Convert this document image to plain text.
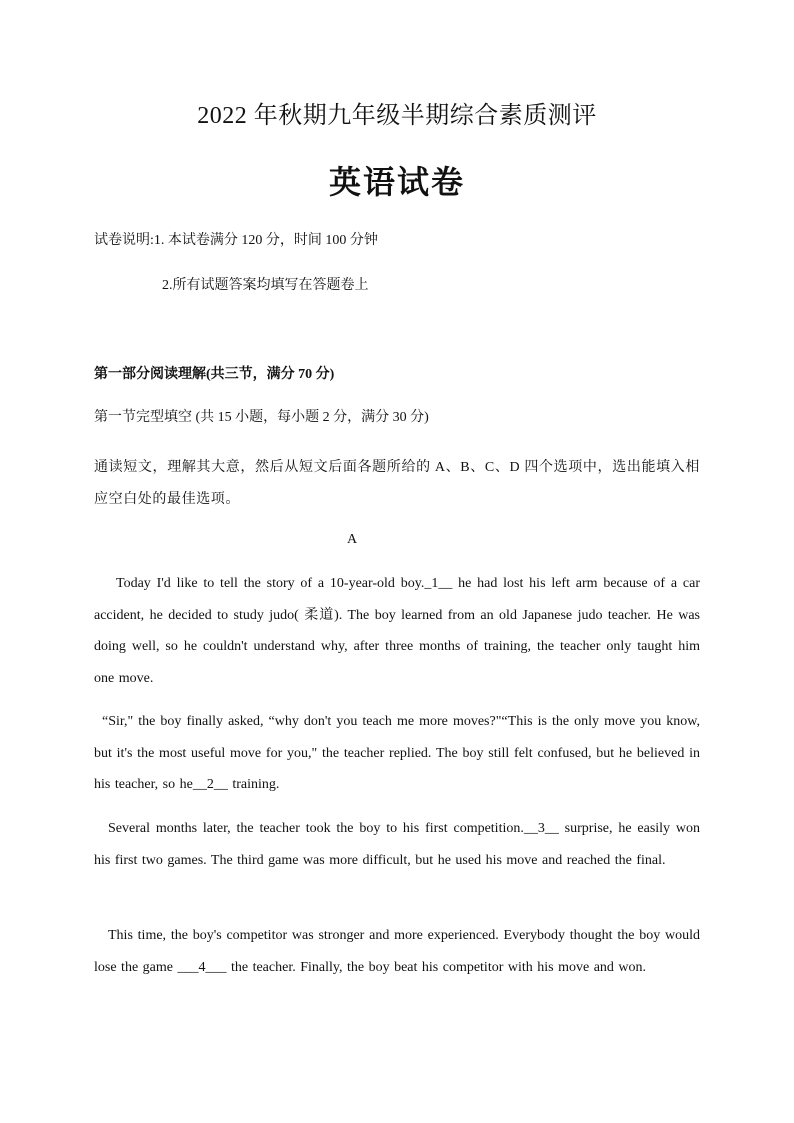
2022 年秋期九年级半期综合素质测评
英语试卷
试卷说明:1. 本试卷满分 120 分，时间 100 分钟
2.所有试题答案均填写在答题卷上
第一部分阅读理解(共三节，满分 70 分)
第一节完型填空 (共 15 小题，每小题 2 分，满分 30 分)
通读短文，理解其大意，然后从短文后面各题所给的 A、B、C、D 四个选项中，选出能填入相应空白处的最佳选项。
A

Today I'd like to tell the story of a 10-year-old boy._1__ he had lost his left arm because of a car accident, he decided to study judo( 柔道). The boy learned from an old Japanese judo teacher. He was doing well, so he couldn't understand why, after three months of training, the teacher only taught him one move.

“Sir," the boy finally asked, “why don't you teach me more moves?"“This is the only move you know, but it's the most useful move for you," the teacher replied. The boy still felt confused, but he believed in his teacher, so he__2__ training.

Several months later, the teacher took the boy to his first competition.__3__ surprise, he easily won his first two games. The third game was more difficult, but he used his move and reached the final.

This time, the boy's competitor was stronger and more experienced. Everybody thought the boy would lose the game ___4___ the teacher. Finally, the boy beat his competitor with his move and won.
